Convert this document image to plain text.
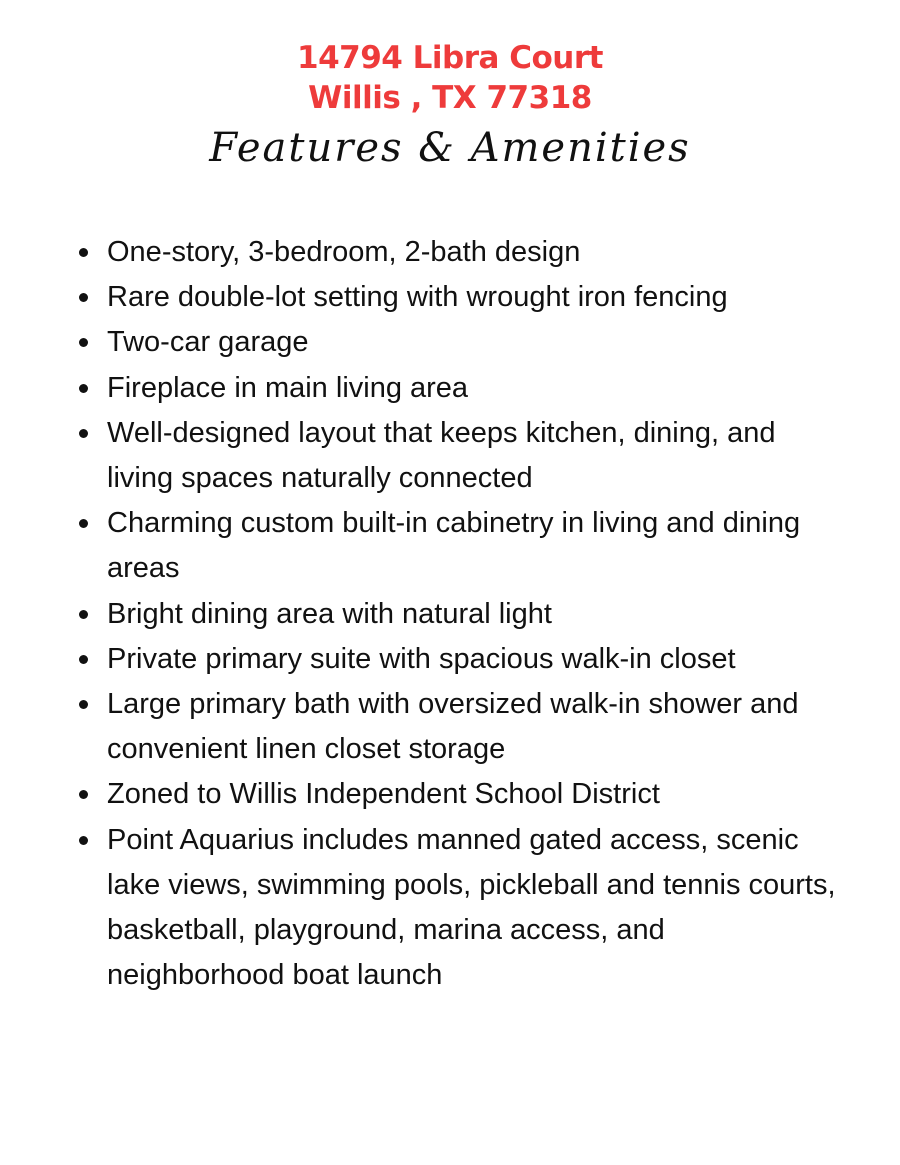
14794 Libra Court
Willis , TX 77318
Features & Amenities
One-story, 3-bedroom, 2-bath design
Rare double-lot setting with wrought iron fencing
Two-car garage
Fireplace in main living area
Well-designed layout that keeps kitchen, dining, and living spaces naturally connected
Charming custom built-in cabinetry in living and dining areas
Bright dining area with natural light
Private primary suite with spacious walk-in closet
Large primary bath with oversized walk-in shower and convenient linen closet storage
Zoned to Willis Independent School District
Point Aquarius includes manned gated access, scenic lake views, swimming pools, pickleball and tennis courts, basketball, playground, marina access, and neighborhood boat launch
